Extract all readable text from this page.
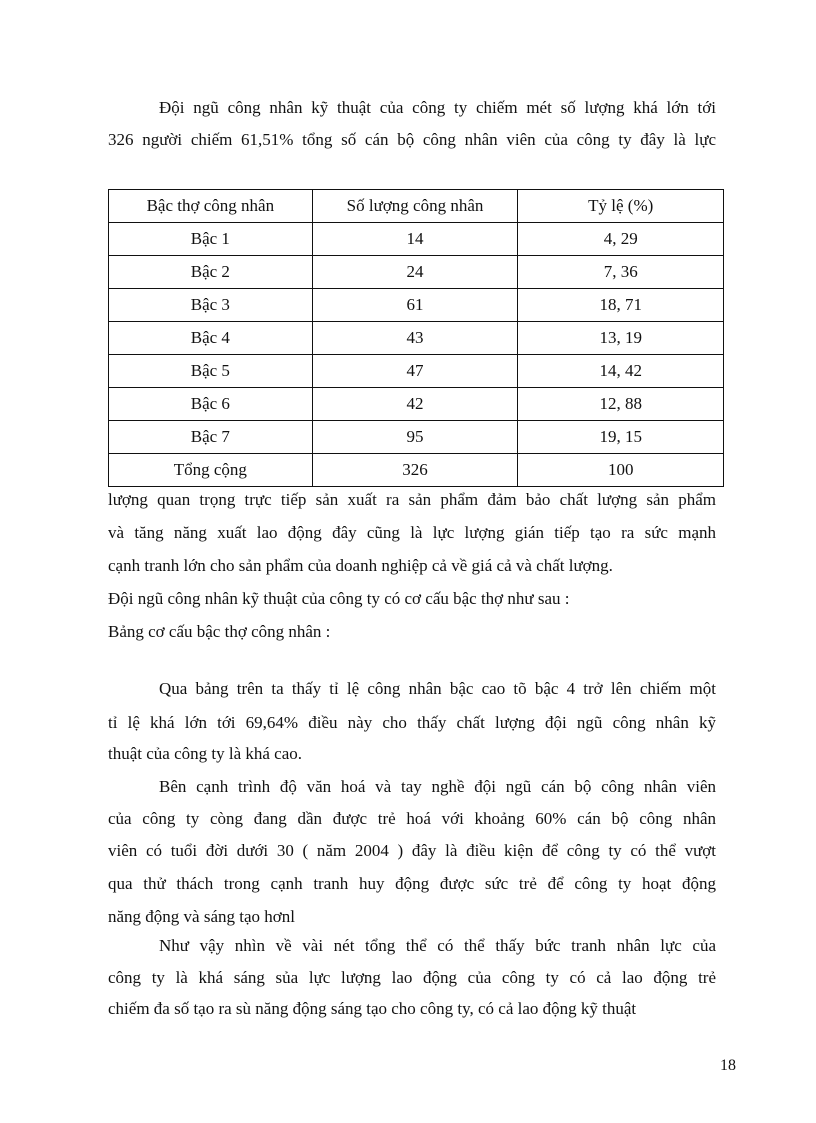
Đội ngũ công nhân kỹ thuật của công ty chiếm mét số lượng khá lớn tới
326 người chiếm 61,51% tổng số cán bộ công nhân viên của công ty đây là lực
Bậc thợ công nhân	Số lượng công nhân	Tỷ lệ (%)
Bậc 1	14	4, 29
Bậc 2	24	7, 36
Bậc 3	61	18, 71
Bậc 4	43	13, 19
Bậc 5	47	14, 42
Bậc 6	42	12, 88
Bậc 7	95	19, 15
Tổng cộng	326	100
lượng quan trọng trực tiếp sản xuất ra sản phẩm đảm bảo chất lượng sản phẩm
và tăng năng xuất lao động đây cũng là lực lượng gián tiếp tạo ra sức mạnh
cạnh tranh lớn cho sản phẩm của doanh nghiệp cả về giá cả và chất lượng.
Đội ngũ công nhân kỹ thuật của công ty có cơ cấu bậc thợ như sau :
Bảng cơ cấu bậc thợ công nhân :
Qua bảng trên ta thấy tỉ lệ công nhân bậc cao tõ bậc 4 trở lên chiếm một
tỉ lệ khá lớn tới 69,64% điều này cho thấy chất lượng đội ngũ công nhân kỹ
thuật của công ty là khá cao.
Bên cạnh trình độ văn hoá và tay nghề đội ngũ cán bộ công nhân viên
của công ty còng đang dần được trẻ hoá với khoảng 60% cán bộ công nhân
viên có tuổi đời dưới 30 ( năm 2004 ) đây là điều kiện để công ty có thể vượt
qua thử thách trong cạnh tranh huy động được sức trẻ để công ty hoạt động
năng động và sáng tạo hơnl
Như vậy nhìn về vài nét tổng thể có thể thấy bức tranh nhân lực của
công ty là khá sáng sủa lực lượng lao động của công ty có cả lao động trẻ
chiếm đa số tạo ra sù năng động sáng tạo cho công ty, có cả lao động kỹ thuật
18
